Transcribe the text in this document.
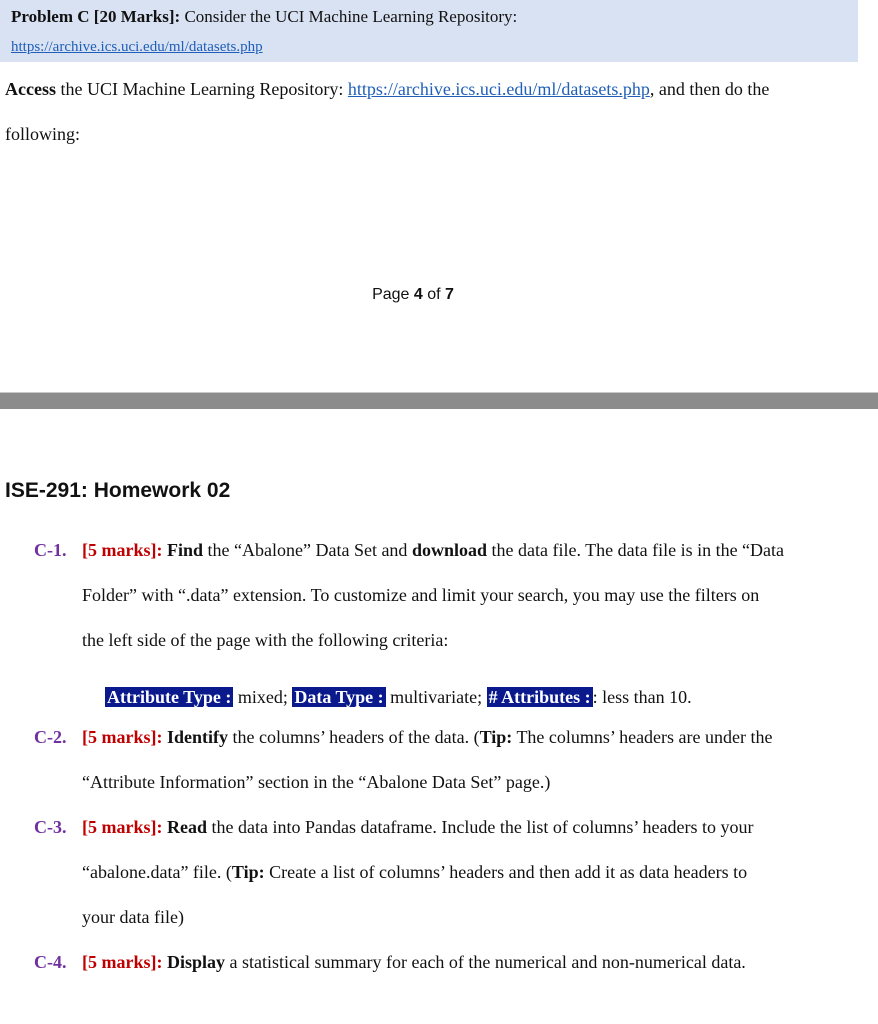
Problem C [20 Marks]: Consider the UCI Machine Learning Repository:
https://archive.ics.uci.edu/ml/datasets.php
Access the UCI Machine Learning Repository: https://archive.ics.uci.edu/ml/datasets.php, and then do the
following:
Page 4 of 7
ISE-291: Homework 02
C-1. [5 marks]: Find the “Abalone” Data Set and download the data file. The data file is in the “Data
Folder” with “.data” extension. To customize and limit your search, you may use the filters on
the left side of the page with the following criteria:
Attribute Type : mixed; Data Type : multivariate; # Attributes : : less than 10.
C-2. [5 marks]: Identify the columns’ headers of the data. (Tip: The columns’ headers are under the
“Attribute Information” section in the “Abalone Data Set” page.)
C-3. [5 marks]: Read the data into Pandas dataframe. Include the list of columns’ headers to your
“abalone.data” file. (Tip: Create a list of columns’ headers and then add it as data headers to
your data file)
C-4. [5 marks]: Display a statistical summary for each of the numerical and non-numerical data.
